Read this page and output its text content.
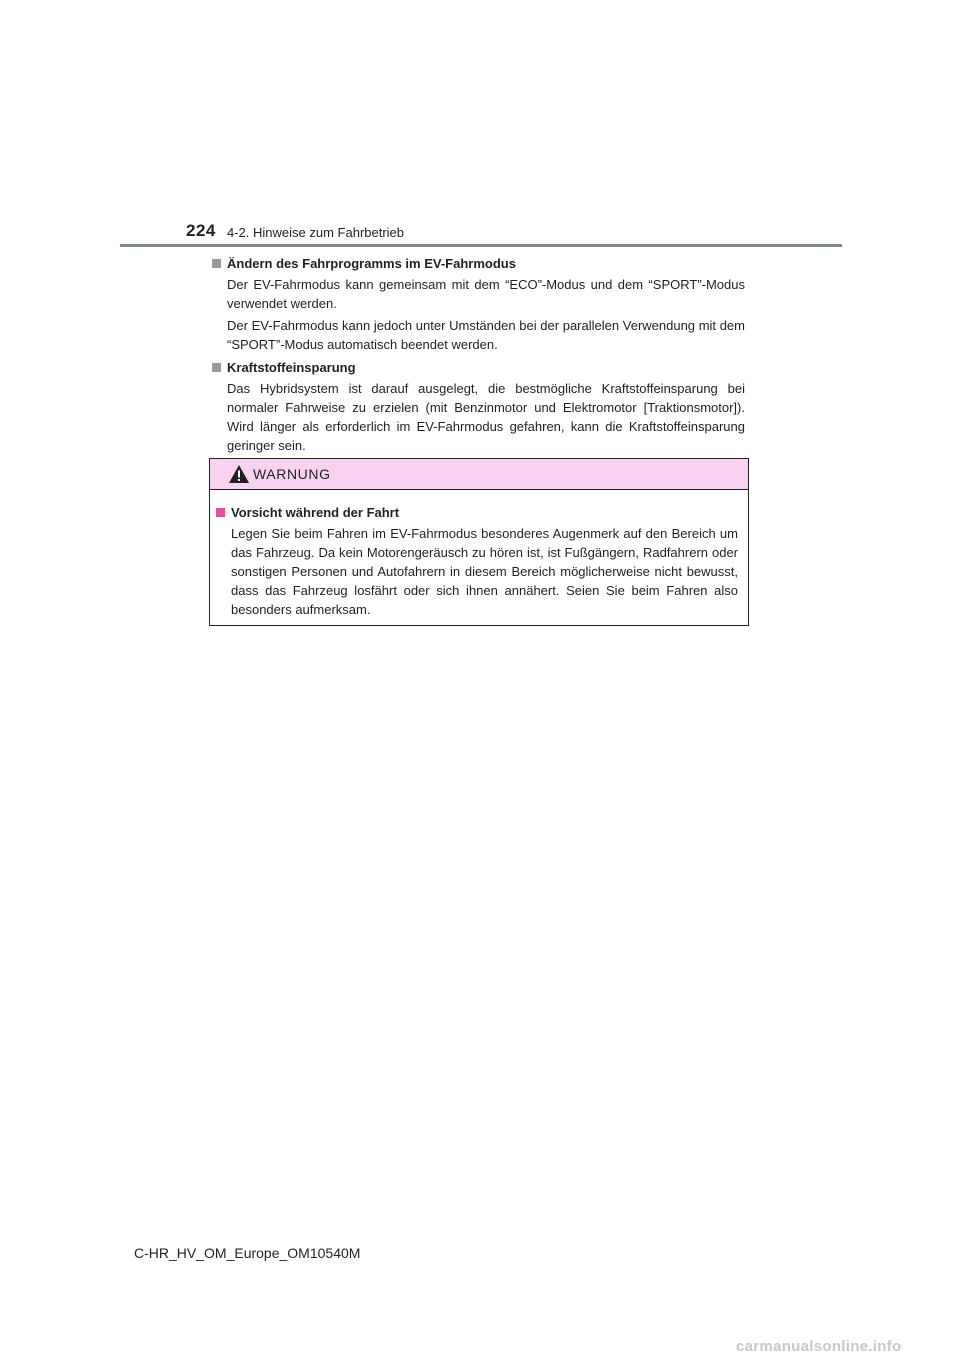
224 4-2. Hinweise zum Fahrbetrieb

Ändern des Fahrprogramms im EV-Fahrmodus

Der EV-Fahrmodus kann gemeinsam mit dem “ECO”-Modus und dem “SPORT”-Modus verwendet werden.

Der EV-Fahrmodus kann jedoch unter Umständen bei der parallelen Verwendung mit dem “SPORT”-Modus automatisch beendet werden.

Kraftstoffeinsparung

Das Hybridsystem ist darauf ausgelegt, die bestmögliche Kraftstoffeinsparung bei normaler Fahrweise zu erzielen (mit Benzinmotor und Elektromotor [Traktionsmotor]). Wird länger als erforderlich im EV-Fahrmodus gefahren, kann die Kraftstoffeinsparung geringer sein.

WARNUNG

Vorsicht während der Fahrt

Legen Sie beim Fahren im EV-Fahrmodus besonderes Augenmerk auf den Bereich um das Fahrzeug. Da kein Motorengeräusch zu hören ist, ist Fußgängern, Radfahrern oder sonstigen Personen und Autofahrern in diesem Bereich möglicherweise nicht bewusst, dass das Fahrzeug losfährt oder sich ihnen annähert. Seien Sie beim Fahren also besonders aufmerksam.

C-HR_HV_OM_Europe_OM10540M
carmanualsonline.info
